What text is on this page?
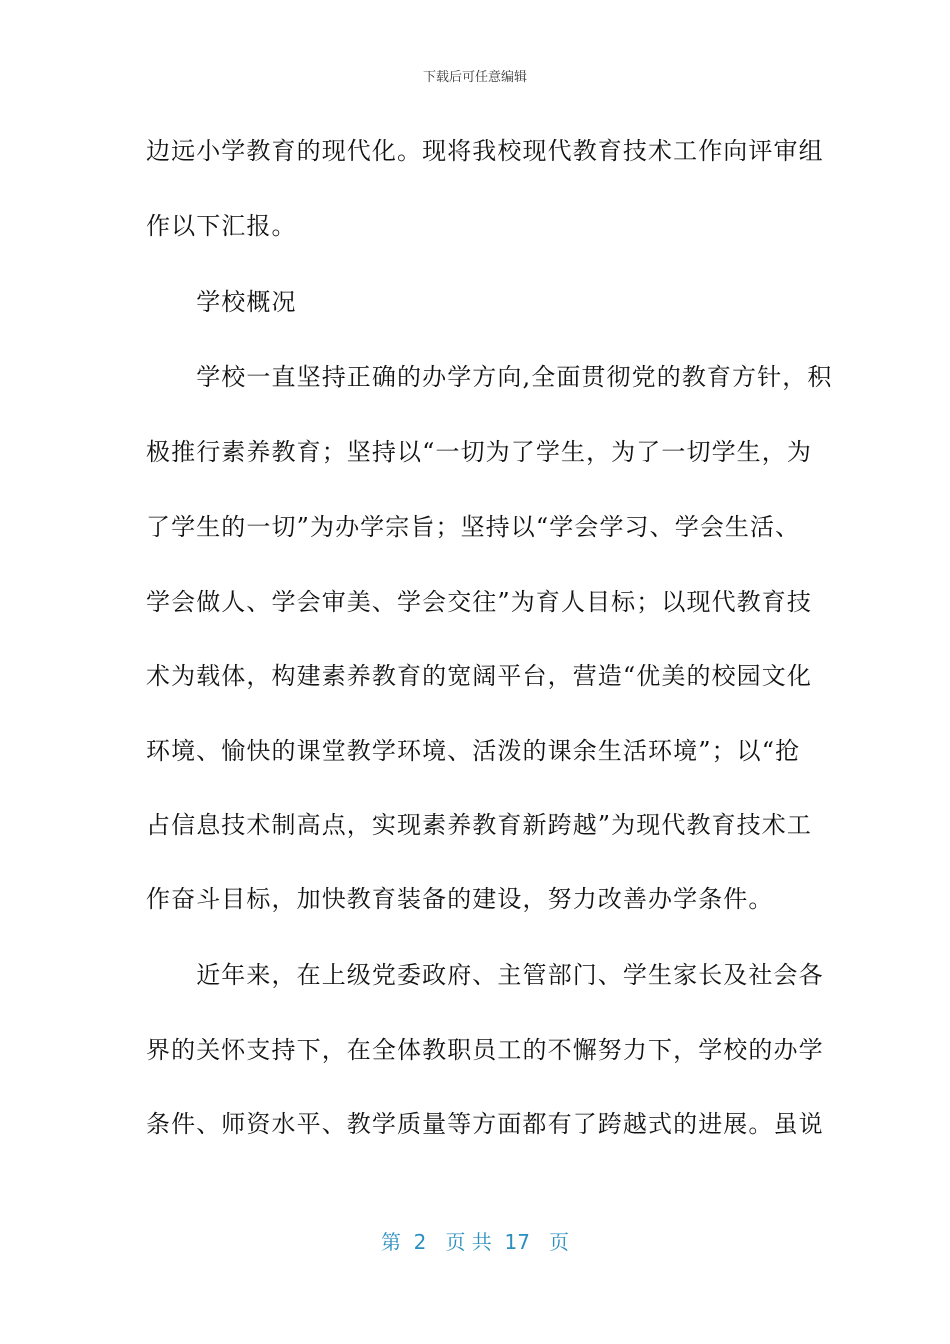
下载后可任意编辑
边远小学教育的现代化。现将我校现代教育技术工作向评审组
作以下汇报。
　　学校概况
　　学校一直坚持正确的办学方向,全面贯彻党的教育方针，积
极推行素养教育；坚持以“一切为了学生，为了一切学生，为
了学生的一切”为办学宗旨；坚持以“学会学习、学会生活、
学会做人、学会审美、学会交往”为育人目标；以现代教育技
术为载体，构建素养教育的宽阔平台，营造“优美的校园文化
环境、愉快的课堂教学环境、活泼的课余生活环境”；以“抢
占信息技术制高点，实现素养教育新跨越”为现代教育技术工
作奋斗目标，加快教育装备的建设，努力改善办学条件。
　　近年来，在上级党委政府、主管部门、学生家长及社会各
界的关怀支持下，在全体教职员工的不懈努力下，学校的办学
条件、师资水平、教学质量等方面都有了跨越式的进展。虽说
第  2   页 共  17   页
